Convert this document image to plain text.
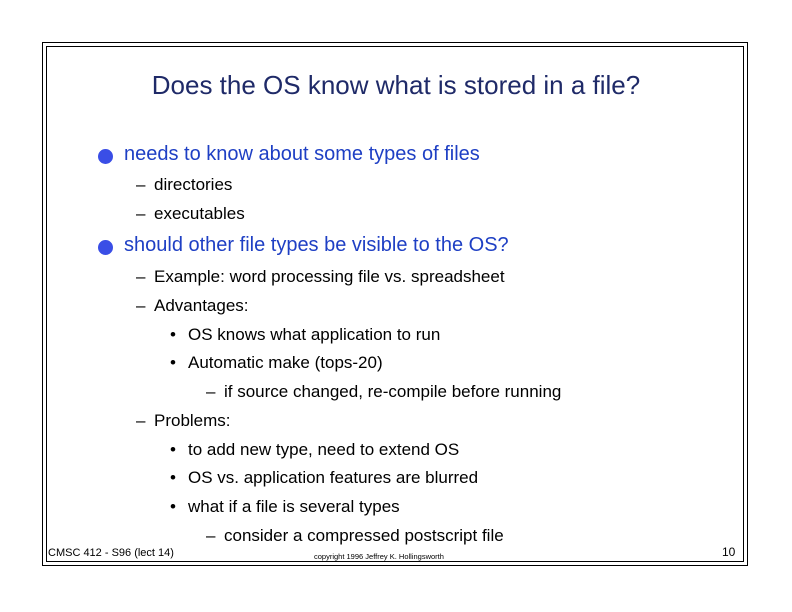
Does the OS know what is stored in a file?
needs to know about some types of files
– directories
– executables
should other file types be visible to the OS?
– Example: word processing file vs. spreadsheet
– Advantages:
• OS knows what application to run
• Automatic make (tops-20)
– if source changed, re-compile before running
– Problems:
• to add new type, need to extend OS
• OS vs. application features are blurred
• what if a file is several types
– consider a compressed postscript file
CMSC 412 - S96 (lect 14)	copyright 1996 Jeffrey K. Hollingsworth	10
